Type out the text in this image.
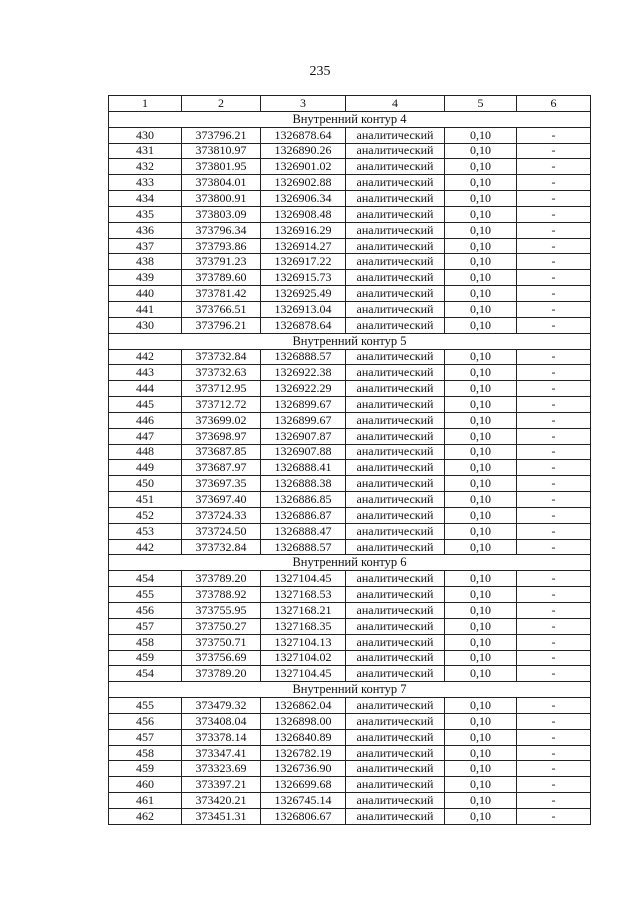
235
1	2	3	4	5	6
Внутренний контур 4					
430	373796.21	1326878.64	аналитический	0,10	-
431	373810.97	1326890.26	аналитический	0,10	-
432	373801.95	1326901.02	аналитический	0,10	-
433	373804.01	1326902.88	аналитический	0,10	-
434	373800.91	1326906.34	аналитический	0,10	-
435	373803.09	1326908.48	аналитический	0,10	-
436	373796.34	1326916.29	аналитический	0,10	-
437	373793.86	1326914.27	аналитический	0,10	-
438	373791.23	1326917.22	аналитический	0,10	-
439	373789.60	1326915.73	аналитический	0,10	-
440	373781.42	1326925.49	аналитический	0,10	-
441	373766.51	1326913.04	аналитический	0,10	-
430	373796.21	1326878.64	аналитический	0,10	-
Внутренний контур 5					
442	373732.84	1326888.57	аналитический	0,10	-
443	373732.63	1326922.38	аналитический	0,10	-
444	373712.95	1326922.29	аналитический	0,10	-
445	373712.72	1326899.67	аналитический	0,10	-
446	373699.02	1326899.67	аналитический	0,10	-
447	373698.97	1326907.87	аналитический	0,10	-
448	373687.85	1326907.88	аналитический	0,10	-
449	373687.97	1326888.41	аналитический	0,10	-
450	373697.35	1326888.38	аналитический	0,10	-
451	373697.40	1326886.85	аналитический	0,10	-
452	373724.33	1326886.87	аналитический	0,10	-
453	373724.50	1326888.47	аналитический	0,10	-
442	373732.84	1326888.57	аналитический	0,10	-
Внутренний контур 6					
454	373789.20	1327104.45	аналитический	0,10	-
455	373788.92	1327168.53	аналитический	0,10	-
456	373755.95	1327168.21	аналитический	0,10	-
457	373750.27	1327168.35	аналитический	0,10	-
458	373750.71	1327104.13	аналитический	0,10	-
459	373756.69	1327104.02	аналитический	0,10	-
454	373789.20	1327104.45	аналитический	0,10	-
Внутренний контур 7					
455	373479.32	1326862.04	аналитический	0,10	-
456	373408.04	1326898.00	аналитический	0,10	-
457	373378.14	1326840.89	аналитический	0,10	-
458	373347.41	1326782.19	аналитический	0,10	-
459	373323.69	1326736.90	аналитический	0,10	-
460	373397.21	1326699.68	аналитический	0,10	-
461	373420.21	1326745.14	аналитический	0,10	-
462	373451.31	1326806.67	аналитический	0,10	-
